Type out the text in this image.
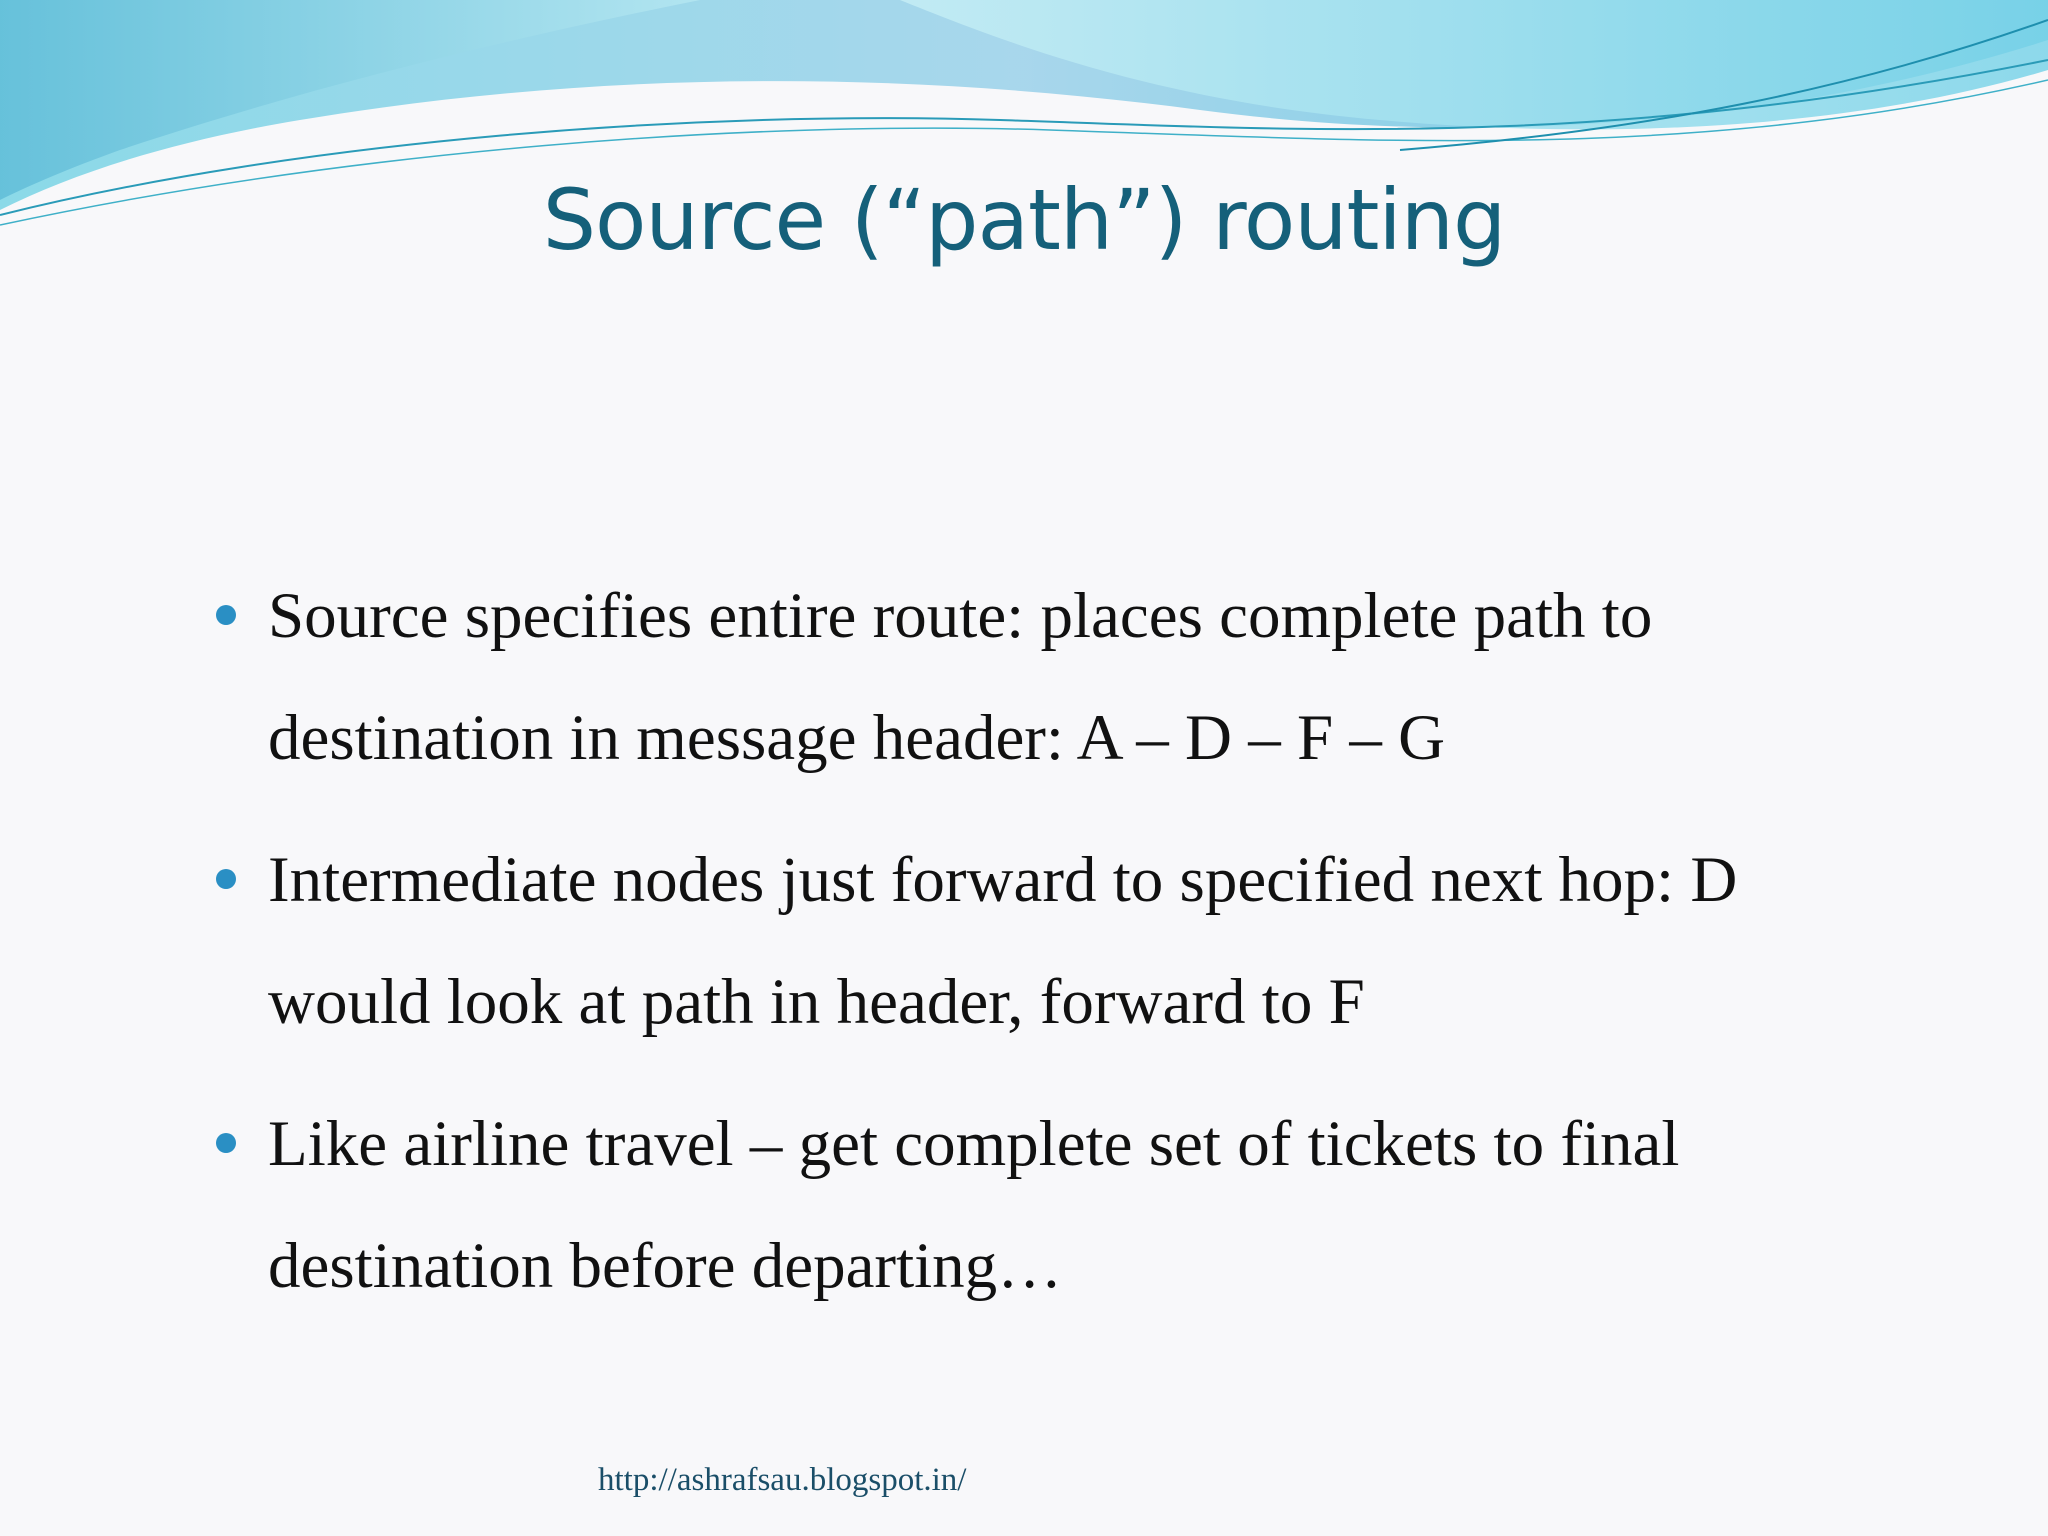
Source (“path”) routing
Source specifies entire route: places complete path to destination in message header: A – D – F – G
Intermediate nodes just forward to specified next hop: D would look at path in header, forward to F
Like airline travel – get complete set of tickets to final destination before departing…
http://ashrafsau.blogspot.in/
